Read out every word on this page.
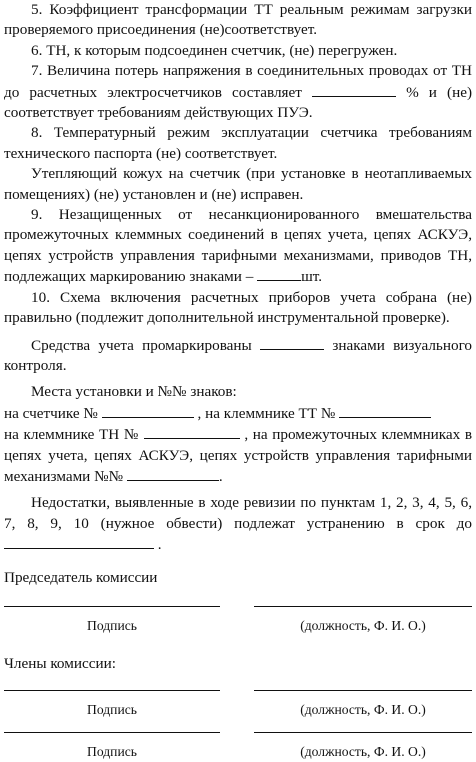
5. Коэффициент трансформации ТТ реальным режимам загрузки проверяемого присоединения (не)соответствует.

6. ТН, к которым подсоединен счетчик, (не) перегружен.

7. Величина потерь напряжения в соединительных проводах от ТН до расчетных электросчетчиков составляет	% и (не) соответствует требованиям действующих ПУЭ.

8. Температурный режим эксплуатации счетчика требованиям технического паспорта (не) соответствует.

Утепляющий кожух на счетчик (при установке в неотапливаемых помещениях) (не) установлен и (не) исправен.

9. Незащищенных от несанкционированного вмешательства промежуточных клеммных соединений в цепях учета, цепях АСКУЭ, цепях устройств управления тарифными механизмами, приводов ТН, подлежащих маркированию знаками –	шт.

10. Схема включения расчетных приборов учета собрана (не) правильно (подлежит дополнительной инструментальной проверке).

Средства учета промаркированы	знаками визуального контроля.

Места установки и №№ знаков:

на счетчике №	, на клеммнике ТТ №

на клеммнике ТН №	, на промежуточных клеммниках в цепях учета, цепях АСКУЭ, цепях устройств управления тарифными механизмами №№	.

Недостатки, выявленные в ходе ревизии по пунктам 1, 2, 3, 4, 5, 6, 7, 8, 9, 10 (нужное обвести) подлежат устранению в срок до  .

Председатель комиссии
Подпись	(должность, Ф. И. О.)
Члены комиссии:
Подпись	(должность, Ф. И. О.)
Подпись	(должность, Ф. И. О.)
